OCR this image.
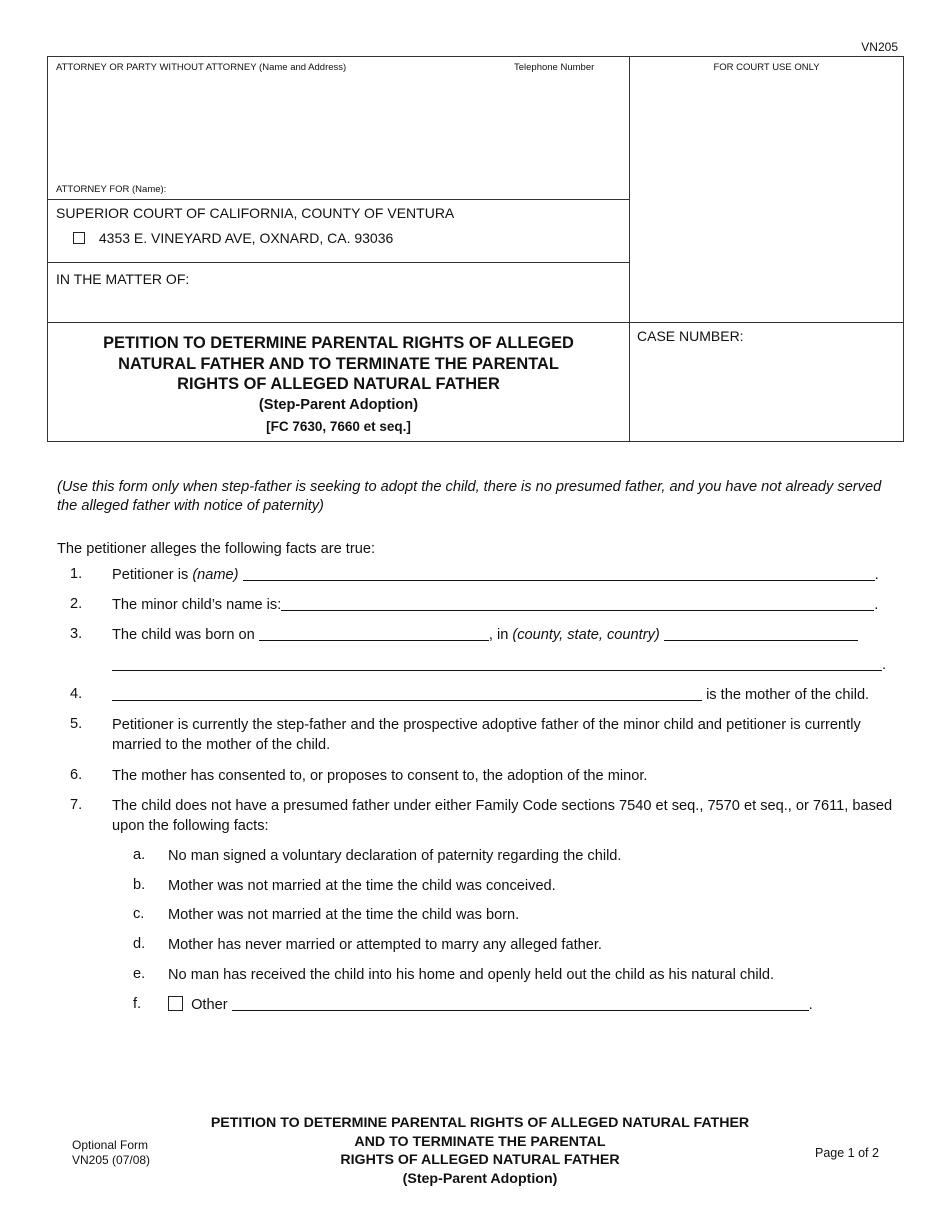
VN205
ATTORNEY OR PARTY WITHOUT ATTORNEY (Name and Address)	Telephone Number	FOR COURT USE ONLY
ATTORNEY FOR (Name):
SUPERIOR COURT OF CALIFORNIA, COUNTY OF VENTURA
4353 E. VINEYARD AVE, OXNARD, CA. 93036
IN THE MATTER OF:
CASE NUMBER:
PETITION TO DETERMINE PARENTAL RIGHTS OF ALLEGED
NATURAL FATHER AND TO TERMINATE THE PARENTAL
RIGHTS OF ALLEGED NATURAL FATHER
(Step-Parent Adoption)
[FC 7630, 7660 et seq.]
(Use this form only when step-father is seeking to adopt the child, there is no presumed father, and you have not already served the alleged father with notice of paternity)
The petitioner alleges the following facts are true:
1. Petitioner is (name)	.
2. The minor child’s name is:	.
3. The child was born on	, in (county, state, country)
.
4.	is the mother of the child.
5. Petitioner is currently the step-father and the prospective adoptive father of the minor child and petitioner is currently married to the mother of the child.
6. The mother has consented to, or proposes to consent to, the adoption of the minor.
7. The child does not have a presumed father under either Family Code sections 7540 et seq., 7570 et seq., or 7611, based upon the following facts:
a. No man signed a voluntary declaration of paternity regarding the child.
b. Mother was not married at the time the child was conceived.
c. Mother was not married at the time the child was born.
d. Mother has never married or attempted to marry any alleged father.
e. No man has received the child into his home and openly held out the child as his natural child.
f.	Other	.
Optional Form
VN205 (07/08)
PETITION TO DETERMINE PARENTAL RIGHTS OF ALLEGED NATURAL FATHER
AND TO TERMINATE THE PARENTAL
RIGHTS OF ALLEGED NATURAL FATHER
(Step-Parent Adoption)
Page 1 of 2
